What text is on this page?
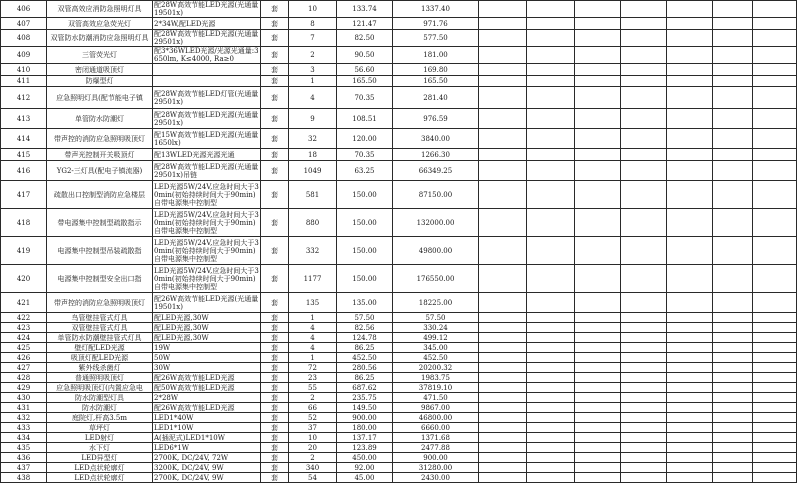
406	双管高效应消防急照明灯具	配28W高效节能LED光源(光通量19501x)	套	10	133.74	1337.40							
407	双管高效应急荧光灯	2*34W,配LED光源	套	8	121.47	971.76							
408	双管防水防潮消防应急照明灯具	配28W高效节能LED光源(光通量29501x)	套	7	82.50	577.50							
409	三管荧光灯	配3*36WLED光源/光源光通量:3650lm, K≤4000, Ra≥0	套	2	90.50	181.00							
410	密闭通道吸顶灯		套	3	56.60	169.80							
411	防爆型灯		套	1	165.50	165.50							
412	应急照明灯具(配节能电子镇	配28W高效节能LED灯管(光通量29501x)	套	4	70.35	281.40							
413	单管防水防潮灯	配28W高效节能LED光源(光通量29501x)	套	9	108.51	976.59							
414	带声控的消防应急照明吸顶灯	配15W高效节能LED光源(光通量1650lx)	套	32	120.00	3840.00							
415	带声光控制开关吸顶灯	配13WLED光源光源光通	套	18	70.35	1266.30							
416	YG2-三灯具(配电子镇流器)	配28W高效节能LED光源(光通量29501x)吊链	套	1049	63.25	66349.25							
417	疏散出口控制型消防应急楼层	LED光源5W/24V,应急时间大于30min(初始持续时间大于90min)自带电源集中控制型	套	581	150.00	87150.00							
418	带电源集中控制型疏散指示	LED光源5W/24V,应急时间大于30min(初始持续时间大于90min)自带电源集中控制型	套	880	150.00	132000.00							
419	电源集中控制型吊装疏散指	LED光源5W/24V,应急时间大于30min(初始持续时间大于90min)自带电源集中控制型	套	332	150.00	49800.00							
420	电源集中控制型安全出口指	LED光源5W/24V,应急时间大于30min(初始持续时间大于90min)自带电源集中控制型	套	1177	150.00	176550.00							
421	带声控的消防应急照明吸顶灯	配26W高效节能LED光源(光通量19501x)	套	135	135.00	18225.00							
422	鸟管壁挂管式灯具	配LED光源,30W	套	1	57.50	57.50							
423	双管壁挂管式灯具	配LED光源,30W	套	4	82.56	330.24							
424	单管防水防潮壁挂管式灯具	配LED光源,30W	套	4	124.78	499.12							
425	壁灯配LED光源	19W	套	4	86.25	345.00							
426	吸顶灯配LED光源	50W	套	1	452.50	452.50							
427	紫外线杀菌灯	30W	套	72	280.56	20200.32							
428	普通照明吸顶灯	配26W高效节能LED光源	套	23	86.25	1983.75							
429	应急照明吸顶灯(内置应急电	配50W高效节能LED光源	套	55	687.62	37819.10							
430	防水防潮型灯具	2*28W	套	2	235.75	471.50							
431	防水防潮灯	配26W高效节能LED光源	套	66	149.50	9867.00							
432	庭院灯,杆高3.5m	LED1*40W	套	52	900.00	46800.00							
433	草坪灯	LED1*10W	套	37	180.00	6660.00							
434	LED射灯	A(插泥式)LED1*10W	套	10	137.17	1371.68							
435	水下灯	LED6*1W	套	20	123.89	2477.88							
436	LED异型灯	2700K, DC/24V, 72W	套	2	450.00	900.00							
437	LED点状轮廓灯	3200K, DC/24V, 9W	套	340	92.00	31280.00							
438	LED点状轮廓灯	2700K, DC/24V, 9W	套	54	45.00	2430.00							
